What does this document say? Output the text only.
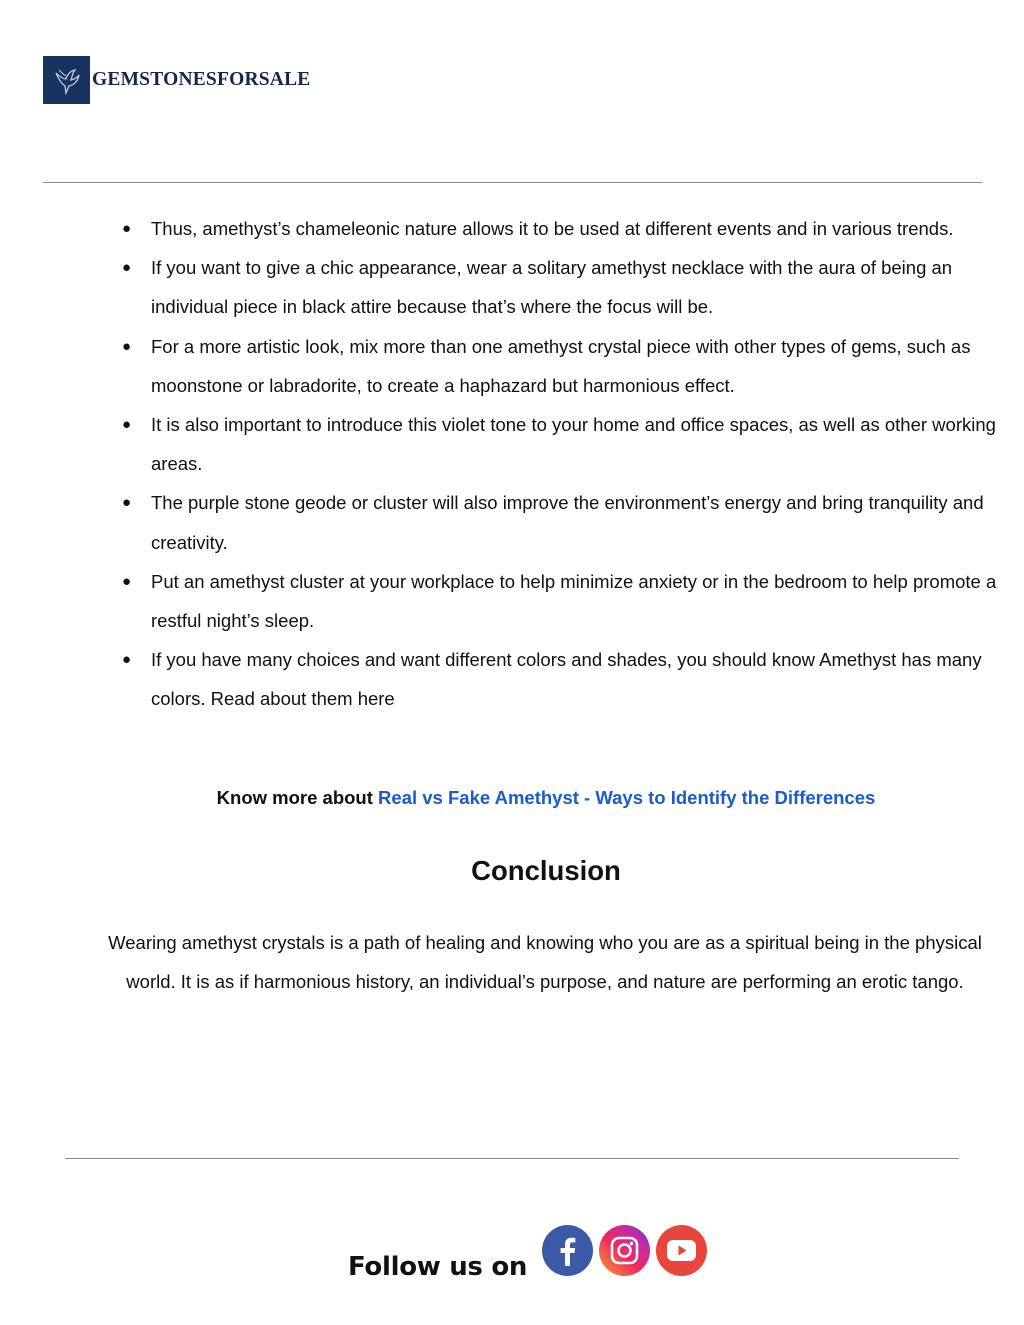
GEMSTONESFORSALE
● Thus, amethyst’s chameleonic nature allows it to be used at different events and in various trends.
● If you want to give a chic appearance, wear a solitary amethyst necklace with the aura of being an individual piece in black attire because that’s where the focus will be.
● For a more artistic look, mix more than one amethyst crystal piece with other types of gems, such as moonstone or labradorite, to create a haphazard but harmonious effect.
● It is also important to introduce this violet tone to your home and office spaces, as well as other working areas.
● The purple stone geode or cluster will also improve the environment’s energy and bring tranquility and creativity.
● Put an amethyst cluster at your workplace to help minimize anxiety or in the bedroom to help promote a restful night’s sleep.
● If you have many choices and want different colors and shades, you should know Amethyst has many colors. Read about them here
Know more about Real vs Fake Amethyst - Ways to Identify the Differences
Conclusion

Wearing amethyst crystals is a path of healing and knowing who you are as a spiritual being in the physical world. It is as if harmonious history, an individual’s purpose, and nature are performing an erotic tango.

Follow us on
